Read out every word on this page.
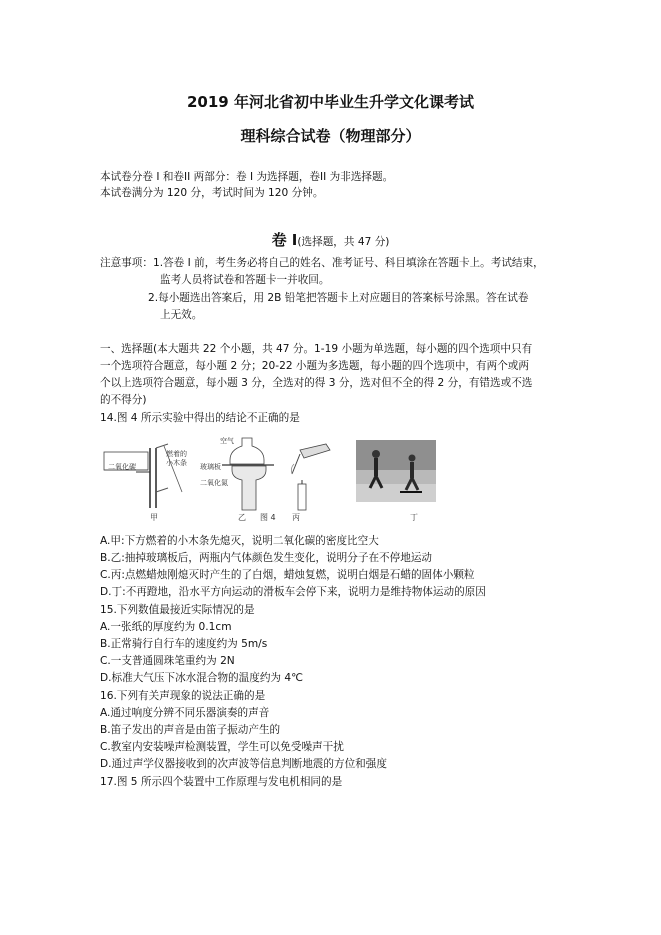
2019 年河北省初中毕业生升学文化课考试
理科综合试卷（物理部分）
本试卷分卷 I 和卷II 两部分：卷 I 为选择题，卷II 为非选择题。
本试卷满分为 120 分，考试时间为 120 分钟。
卷 I(选择题，共 47 分)
注意事项：1.答卷 I 前，考生务必将自己的姓名、准考证号、科目填涂在答题卡上。考试结束，
监考人员将试卷和答题卡一并收回。
2.每小题选出答案后，用 2B 铅笔把答题卡上对应题目的答案标号涂黑。答在试卷
上无效。
一、选择题(本大题共 22 个小题，共 47 分。1-19 小题为单选题，每小题的四个选项中只有
一个选项符合题意，每小题 2 分；20-22 小题为多选题，每小题的四个选项中，有两个或两
个以上选项符合题意，每小题 3 分，全选对的得 3 分，选对但不全的得 2 分，有错选或不选
的不得分)
14.图 4 所示实验中得出的结论不正确的是
二氧化碳
燃着的小木条
甲
空气
玻璃板
二氧化氮
乙 图 4 丙	丁
A.甲:下方燃着的小木条先熄灭，说明二氧化碳的密度比空大
B.乙:抽掉玻璃板后，两瓶内气体颜色发生变化，说明分子在不停地运动
C.丙:点燃蜡烛刚熄灭时产生的了白烟，蜡烛复燃，说明白烟是石蜡的固体小颗粒
D.丁:不再蹬地，沿水平方向运动的滑板车会停下来，说明力是维持物体运动的原因
15.下列数值最接近实际情况的是
A.一张纸的厚度约为 0.1cm
B.正常骑行自行车的速度约为 5m/s
C.一支普通圆珠笔重约为 2N
D.标准大气压下冰水混合物的温度约为 4℃
16.下列有关声现象的说法正确的是
A.通过响度分辨不同乐器演奏的声音
B.笛子发出的声音是由笛子振动产生的
C.教室内安装噪声检测装置，学生可以免受噪声干扰
D.通过声学仪器接收到的次声波等信息判断地震的方位和强度
17.图 5 所示四个装置中工作原理与发电机相同的是
